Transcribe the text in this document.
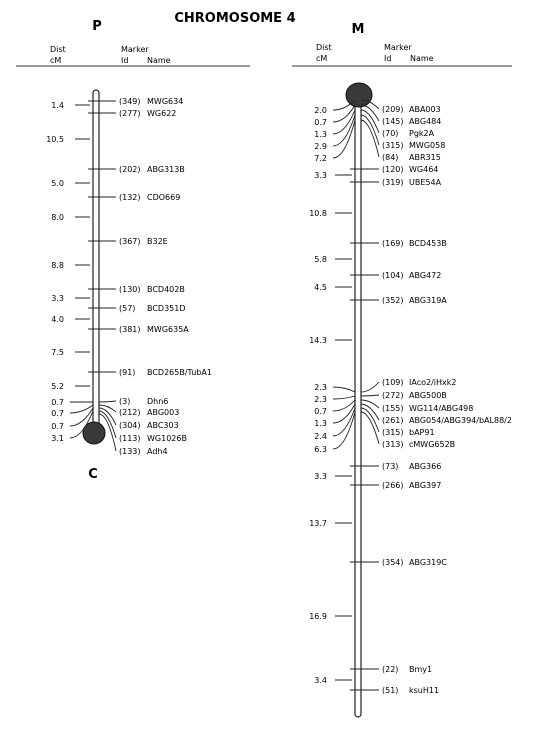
CHROMOSOME 4
P	M
Dist
cM
Marker
Id Name
Dist
cM
Marker
Id Name
C
1.4
10.5
5.0
8.0
8.8
3.3
4.0
7.5
5.2
0.7
0.7
0.7
3.1
(349) MWG634
(277) WG622
(202) ABG313B
(132) CDO669
(367) B32E
(130) BCD402B
(57) BCD351D
(381) MWG635A
(91) BCD265B/TubA1
(3) Dhn6
(212) ABG003
(304) ABC303
(113) WG1026B
(133) Adh4
2.0
0.7
1.3
2.9
7.2
3.3
10.8
5.8
4.5
14.3
2.3
2.3
0.7
1.3
2.4
6.3
3.3
13.7
16.9
3.4
(209) ABA003
(145) ABG484
(70) Pgk2A
(315) MWG058
(84) ABR315
(120) WG464
(319) UBE54A
(169) BCD453B
(104) ABG472
(352) ABG319A
(109) IAco2/iHxk2
(272) ABG500B
(155) WG114/ABG498
(261) ABG054/ABG394/bAL88/2
(315) bAP91
(313) cMWG652B
(73) ABG366
(266) ABG397
(354) ABG319C
(22) Bmy1
(51) ksuH11
